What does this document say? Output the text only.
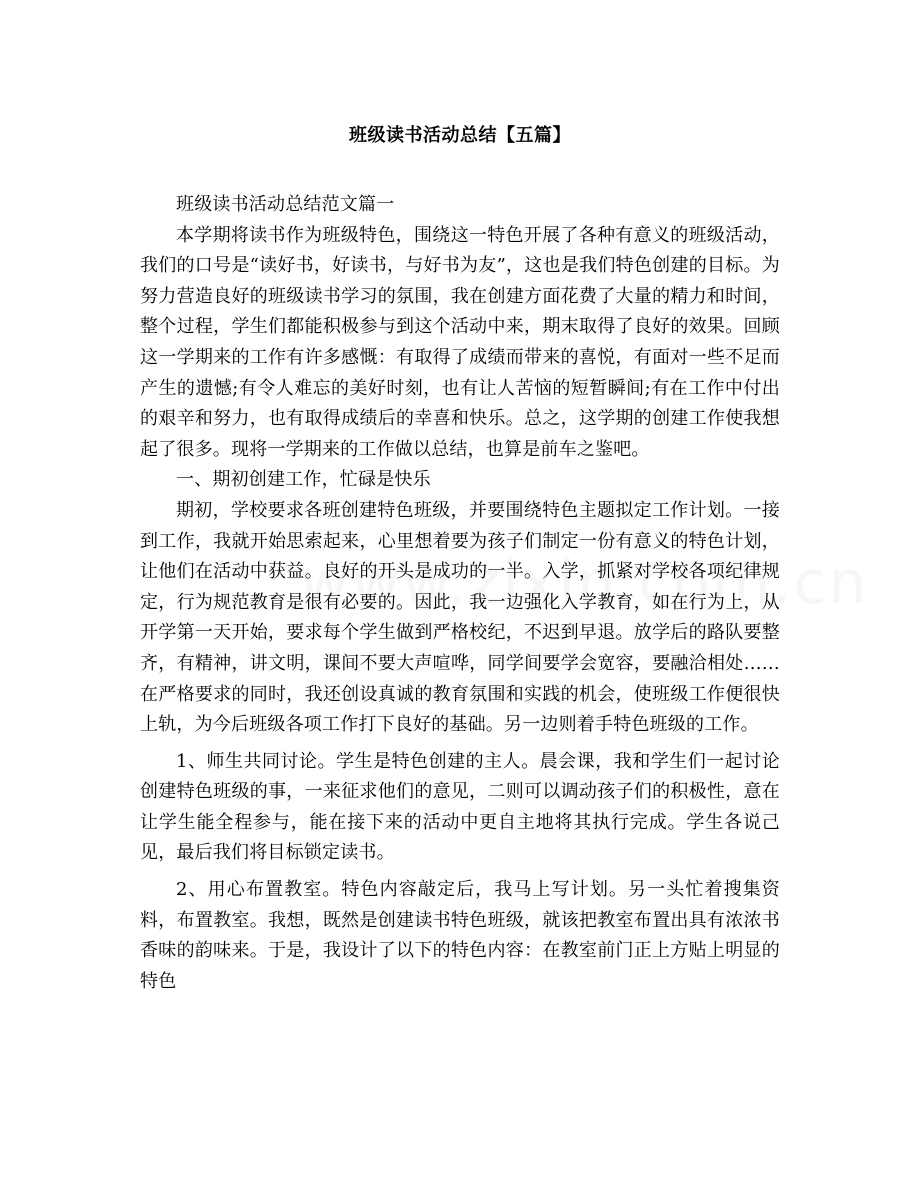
班级读书活动总结【五篇】

班级读书活动总结范文篇一

本学期将读书作为班级特色，围绕这一特色开展了各种有意义的班级活动，我们的口号是“读好书，好读书，与好书为友”，这也是我们特色创建的目标。为努力营造良好的班级读书学习的氛围，我在创建方面花费了大量的精力和时间，整个过程，学生们都能积极参与到这个活动中来，期末取得了良好的效果。回顾这一学期来的工作有许多感慨：有取得了成绩而带来的喜悦，有面对一些不足而产生的遗憾;有令人难忘的美好时刻，也有让人苦恼的短暂瞬间;有在工作中付出的艰辛和努力，也有取得成绩后的幸喜和快乐。总之，这学期的创建工作使我想起了很多。现将一学期来的工作做以总结，也算是前车之鉴吧。

一、期初创建工作，忙碌是快乐

期初，学校要求各班创建特色班级，并要围绕特色主题拟定工作计划。一接到工作，我就开始思索起来，心里想着要为孩子们制定一份有意义的特色计划，让他们在活动中获益。良好的开头是成功的一半。入学，抓紧对学校各项纪律规定，行为规范教育是很有必要的。因此，我一边强化入学教育，如在行为上，从开学第一天开始，要求每个学生做到严格校纪，不迟到早退。放学后的路队要整齐，有精神，讲文明，课间不要大声喧哗，同学间要学会宽容，要融洽相处……在严格要求的同时，我还创设真诚的教育氛围和实践的机会，使班级工作便很快上轨，为今后班级各项工作打下良好的基础。另一边则着手特色班级的工作。

1、师生共同讨论。学生是特色创建的主人。晨会课，我和学生们一起讨论创建特色班级的事，一来征求他们的意见，二则可以调动孩子们的积极性，意在让学生能全程参与，能在接下来的活动中更自主地将其执行完成。学生各说己见，最后我们将目标锁定读书。

2、用心布置教室。特色内容敲定后，我马上写计划。另一头忙着搜集资料，布置教室。我想，既然是创建读书特色班级，就该把教室布置出具有浓浓书香味的韵味来。于是，我设计了以下的特色内容：在教室前门正上方贴上明显的特色
